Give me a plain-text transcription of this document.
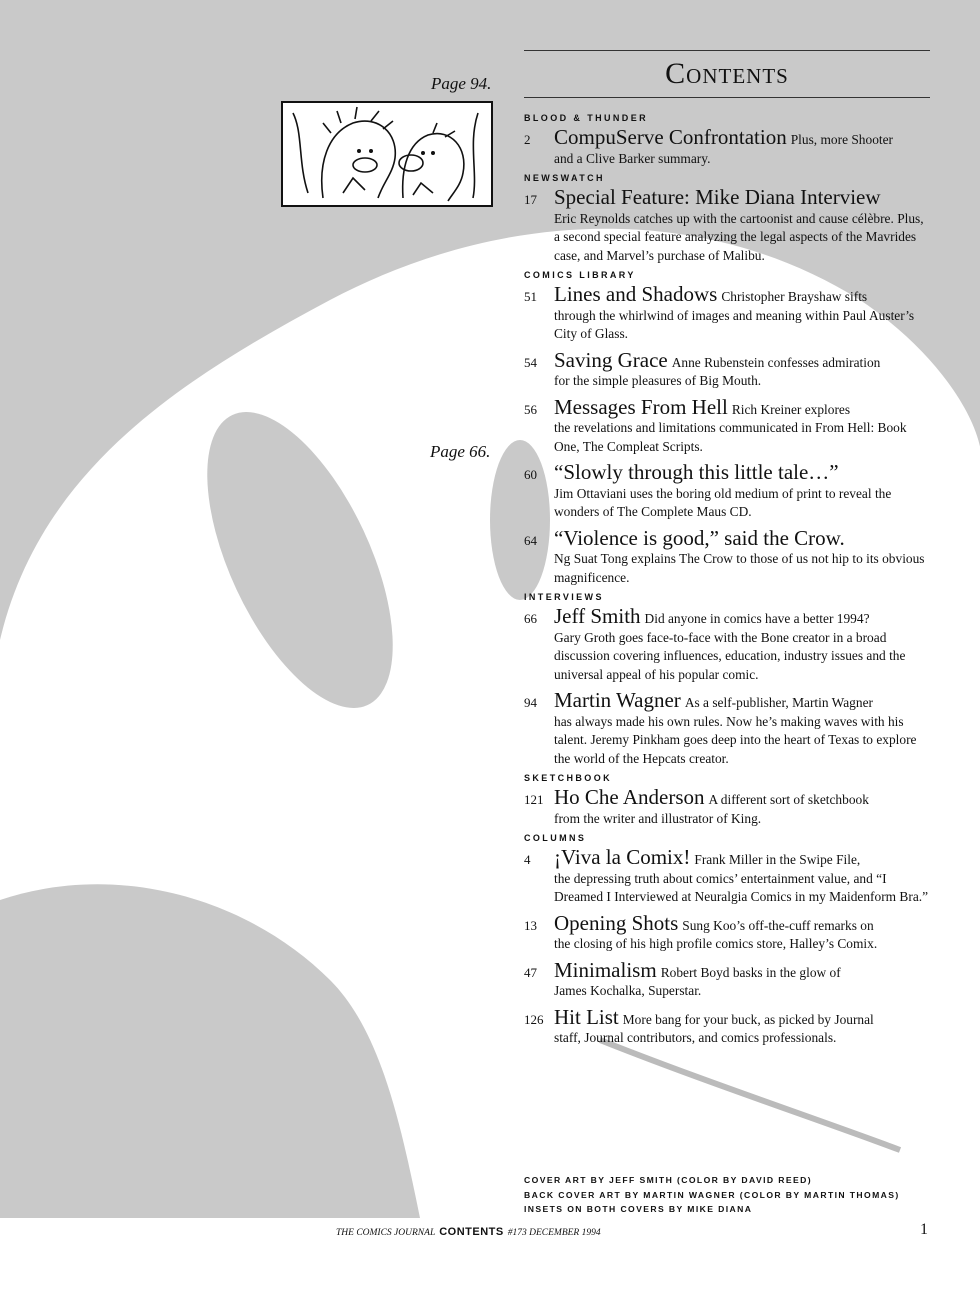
Page 94.
Page 66.
Contents
BLOOD & THUNDER
2	CompuServe Confrontation Plus, more Shooter
and a Clive Barker summary.
NEWSWATCH
17 Special Feature: Mike Diana Interview
Eric Reynolds catches up with the cartoonist and cause célèbre. Plus, a second special feature analyzing the legal aspects of the Mavrides case, and Marvel’s purchase of Malibu.
COMICS LIBRARY
51 Lines and Shadows Christopher Brayshaw sifts
through the whirlwind of images and meaning within Paul Auster’s City of Glass.
54 Saving Grace Anne Rubenstein confesses admiration
for the simple pleasures of Big Mouth.
56 Messages From Hell Rich Kreiner explores
the revelations and limitations communicated in From Hell: Book One, The Compleat Scripts.
60 “Slowly through this little tale…”
Jim Ottaviani uses the boring old medium of print to reveal the wonders of The Complete Maus CD.
64 “Violence is good,” said the Crow.
Ng Suat Tong explains The Crow to those of us not hip to its obvious magnificence.
INTERVIEWS
66 Jeff Smith Did anyone in comics have a better 1994?
Gary Groth goes face-to-face with the Bone creator in a broad discussion covering influences, education, industry issues and the universal appeal of his popular comic.
94 Martin Wagner As a self-publisher, Martin Wagner
has always made his own rules. Now he’s making waves with his talent. Jeremy Pinkham goes deep into the heart of Texas to explore the world of the Hepcats creator.
SKETCHBOOK
121 Ho Che Anderson A different sort of sketchbook
from the writer and illustrator of King.
COLUMNS
4	¡Viva la Comix! Frank Miller in the Swipe File,
the depressing truth about comics’ entertainment value, and “I Dreamed I Interviewed at Neuralgia Comics in my Maidenform Bra.”
13 Opening Shots Sung Koo’s off-the-cuff remarks on
the closing of his high profile comics store, Halley’s Comix.
47 Minimalism Robert Boyd basks in the glow of
James Kochalka, Superstar.
126 Hit List More bang for your buck, as picked by Journal
staff, Journal contributors, and comics professionals.
COVER ART BY JEFF SMITH (COLOR BY DAVID REED)
BACK COVER ART BY MARTIN WAGNER (COLOR BY MARTIN THOMAS)
INSETS ON BOTH COVERS BY MIKE DIANA
THE COMICS JOURNAL CONTENTS #173 DECEMBER 1994	1
